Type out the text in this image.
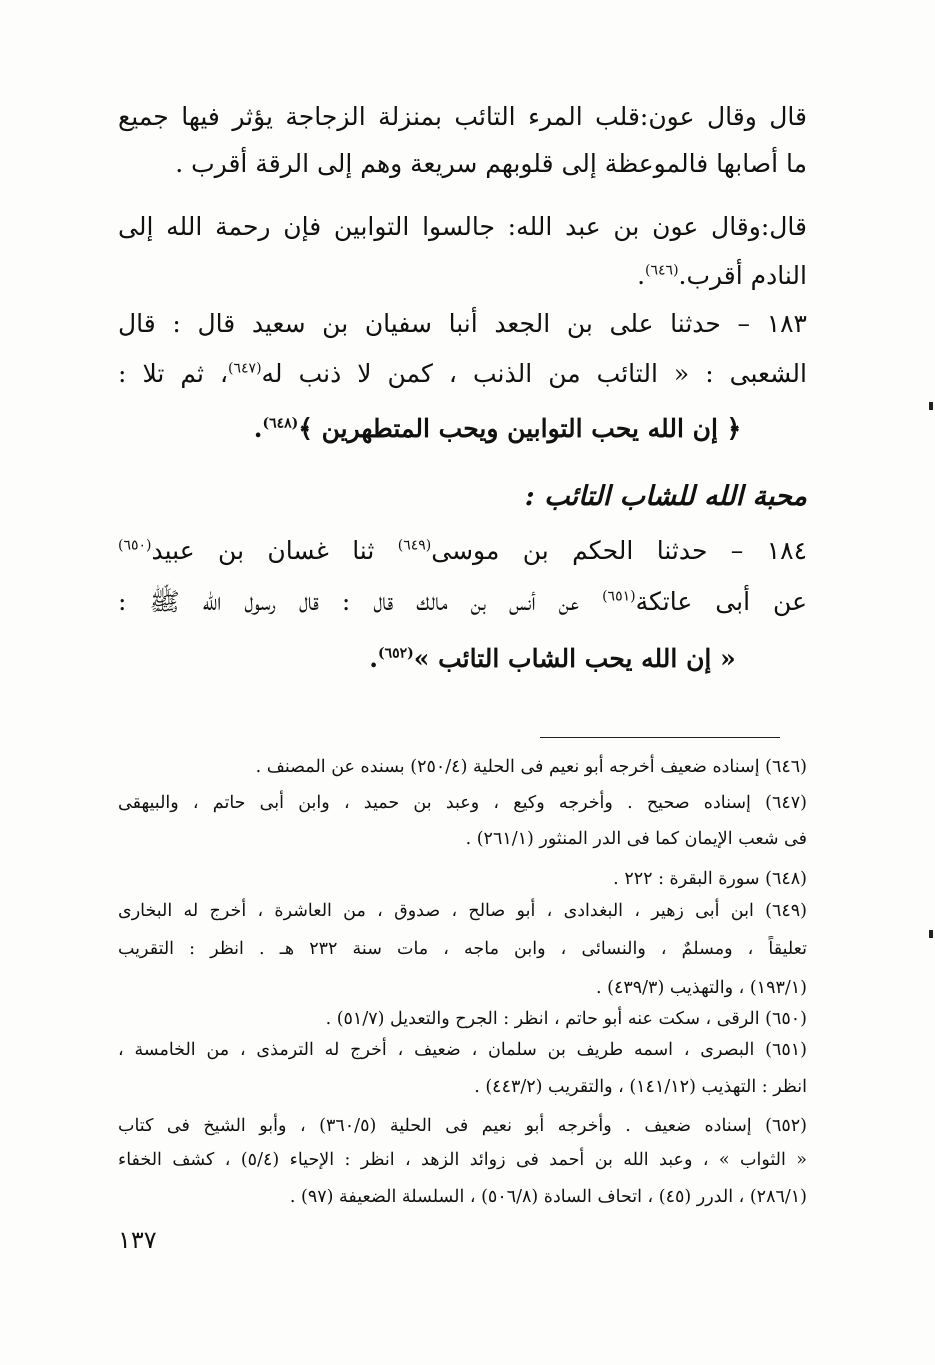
قال وقال عون:قلب المرء التائب بمنزلة الزجاجة يؤثر فيها جميع
ما أصابها فالموعظة إلى قلوبهم سريعة وهم إلى الرقة أقرب .
قال:وقال عون بن عبد الله: جالسوا التوابين فإن رحمة الله إلى
النادم أقرب.$^{(٦٤٦)}$.
١٨٣ – حدثنا على بن الجعد أنبا سفيان بن سعيد قال : قال
الشعبى : « التائب من الذنب ، كمن لا ذنب له$^{(٦٤٧)}$، ثم تلا :
﴿ إن الله يحب التوابين ويحب المتطهرين ﴾$^{(٦٤٨)}$.
محبة الله للشاب التائب :
١٨٤ – حدثنا الحكم بن موسى$^{(٦٤٩)}$ ثنا غسان بن عبيد$^{(٦٥٠)}$
عن أبى عاتكة$^{(٦٥١)}$ عن أنس بن مالك قال : قال رسول الله ﷺ :
« إن الله يحب الشاب التائب »$^{(٦٥٢)}$.
(٦٤٦) إسناده ضعيف أخرجه أبو نعيم فى الحلية (٢٥٠/٤) بسنده عن المصنف .
(٦٤٧) إسناده صحيح . وأخرجه وكيع ، وعبد بن حميد ، وابن أبى حاتم ، والبيهقى
فى شعب الإيمان كما فى الدر المنثور (٢٦١/١) .
(٦٤٨) سورة البقرة : ٢٢٢ .
(٦٤٩) ابن أبى زهير ، البغدادى ، أبو صالح ، صدوق ، من العاشرة ، أخرج له البخارى
تعليقاً ، ومسلمٌ ، والنسائى ، وابن ماجه ، مات سنة ٢٣٢ هـ . انظر : التقريب
(١٩٣/١) ، والتهذيب (٤٣٩/٣) .
(٦٥٠) الرقى ، سكت عنه أبو حاتم ، انظر : الجرح والتعديل (٥١/٧) .
(٦٥١) البصرى ، اسمه طريف بن سلمان ، ضعيف ، أخرج له الترمذى ، من الخامسة ،
انظر : التهذيب (١٤١/١٢) ، والتقريب (٤٤٣/٢) .
(٦٥٢) إسناده ضعيف . وأخرجه أبو نعيم فى الحلية (٣٦٠/٥) ، وأبو الشيخ فى كتاب
« الثواب » ، وعبد الله بن أحمد فى زوائد الزهد ، انظر : الإحياء (٥/٤) ، كشف الخفاء
(٢٨٦/١) ، الدرر (٤٥) ، اتحاف السادة (٥٠٦/٨) ، السلسلة الضعيفة (٩٧) .
١٣٧
